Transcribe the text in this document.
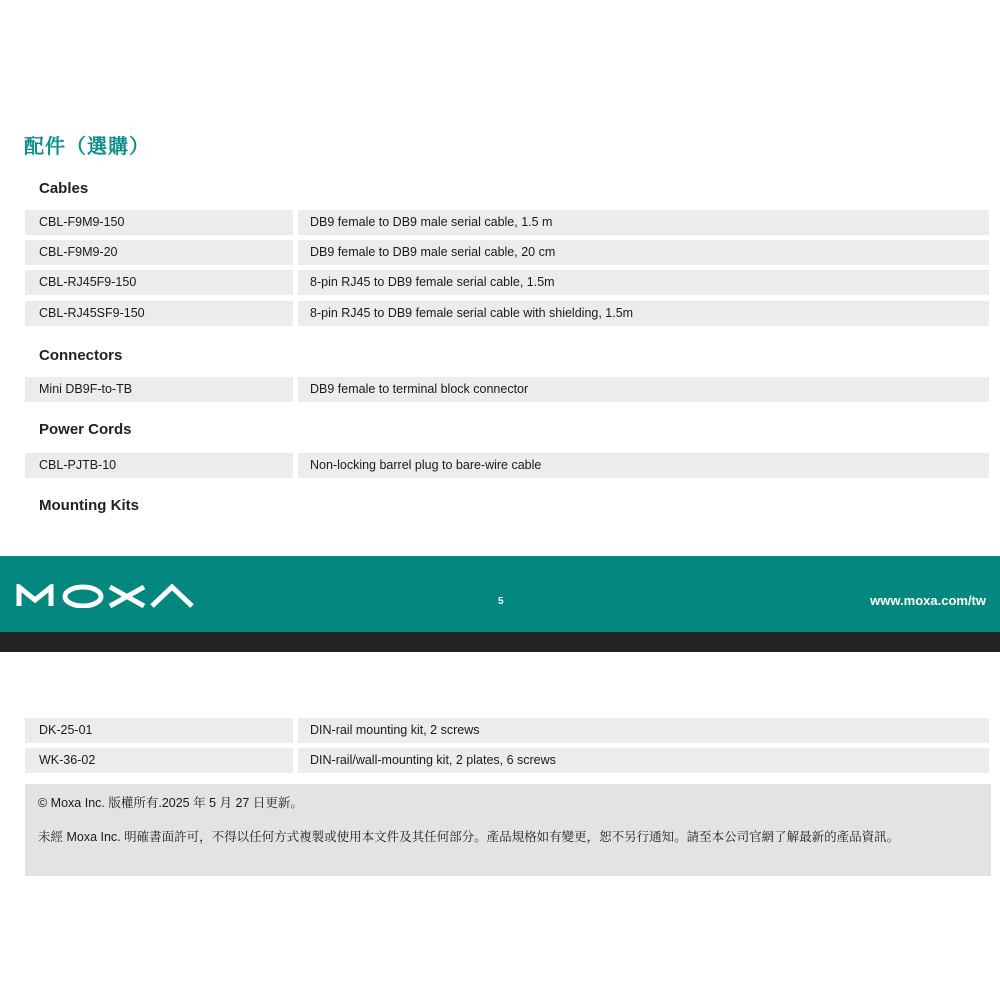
配件（選購）
Cables
CBL-F9M9-150	DB9 female to DB9 male serial cable, 1.5 m
CBL-F9M9-20	DB9 female to DB9 male serial cable, 20 cm
CBL-RJ45F9-150	8-pin RJ45 to DB9 female serial cable, 1.5m
CBL-RJ45SF9-150	8-pin RJ45 to DB9 female serial cable with shielding, 1.5m
Connectors
Mini DB9F-to-TB	DB9 female to terminal block connector
Power Cords
CBL-PJTB-10	Non-locking barrel plug to bare-wire cable
Mounting Kits
5	www.moxa.com/tw
DK-25-01	DIN-rail mounting kit, 2 screws
WK-36-02	DIN-rail/wall-mounting kit, 2 plates, 6 screws

© Moxa Inc. 版權所有.2025 年 5 月 27 日更新。

未經 Moxa Inc. 明確書面許可，不得以任何方式複製或使用本文件及其任何部分。產品規格如有變更，恕不另行通知。請至本公司官網了解最新的產品資訊。
